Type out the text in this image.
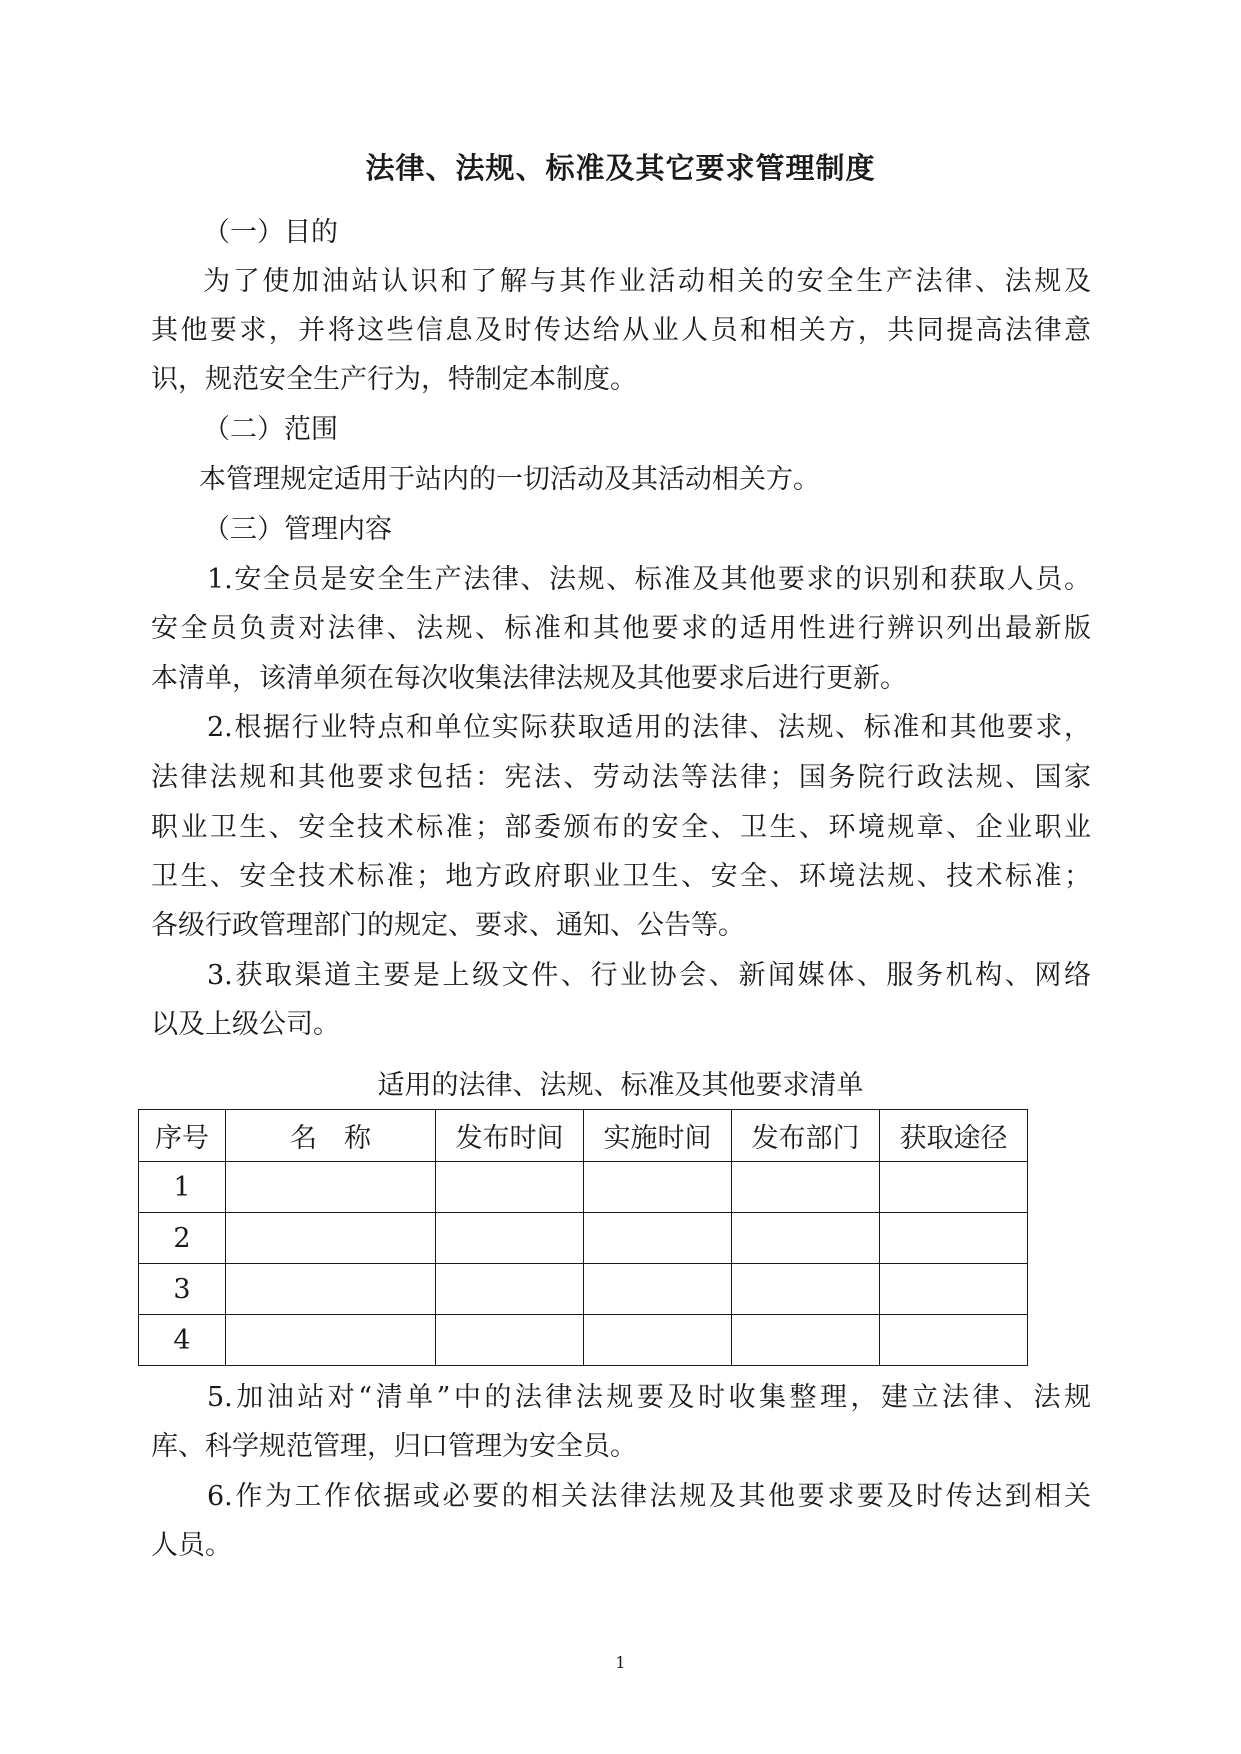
法律、法规、标准及其它要求管理制度
（一）目的
为了使加油站认识和了解与其作业活动相关的安全生产法律、法规及
其他要求，并将这些信息及时传达给从业人员和相关方，共同提高法律意
识，规范安全生产行为，特制定本制度。
（二）范围
本管理规定适用于站内的一切活动及其活动相关方。
（三）管理内容
1.安全员是安全生产法律、法规、标准及其他要求的识别和获取人员。
安全员负责对法律、法规、标准和其他要求的适用性进行辨识列出最新版
本清单，该清单须在每次收集法律法规及其他要求后进行更新。
2.根据行业特点和单位实际获取适用的法律、法规、标准和其他要求，
法律法规和其他要求包括：宪法、劳动法等法律；国务院行政法规、国家
职业卫生、安全技术标准；部委颁布的安全、卫生、环境规章、企业职业
卫生、安全技术标准；地方政府职业卫生、安全、环境法规、技术标准；
各级行政管理部门的规定、要求、通知、公告等。
3.获取渠道主要是上级文件、行业协会、新闻媒体、服务机构、网络
以及上级公司。
适用的法律、法规、标准及其他要求清单
序号	名　称	发布时间	实施时间	发布部门	获取途径
1					
2					
3					
4					
5.加油站对“清单”中的法律法规要及时收集整理，建立法律、法规
库、科学规范管理，归口管理为安全员。
6.作为工作依据或必要的相关法律法规及其他要求要及时传达到相关
人员。
1
